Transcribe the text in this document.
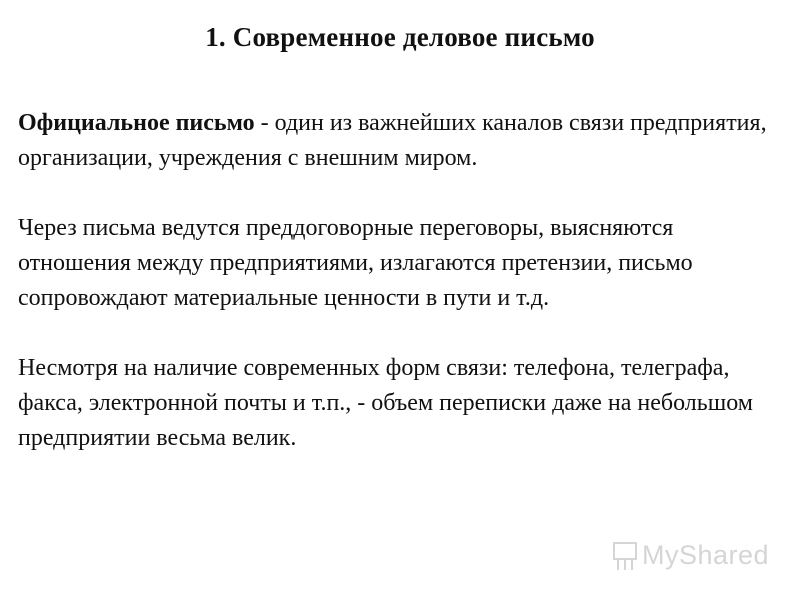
1. Современное деловое письмо

Официальное письмо - один из важнейших каналов связи предприятия, организации, учреждения с внешним миром.

Через письма ведутся преддоговорные переговоры, выясняются отношения между предприятиями, излагаются претензии, письмо сопровождают материальные ценности в пути и т.д.

Несмотря на наличие современных форм связи: телефона, телеграфа, факса, электронной почты и т.п., - объем переписки даже на небольшом предприятии весьма велик.

MyShared
